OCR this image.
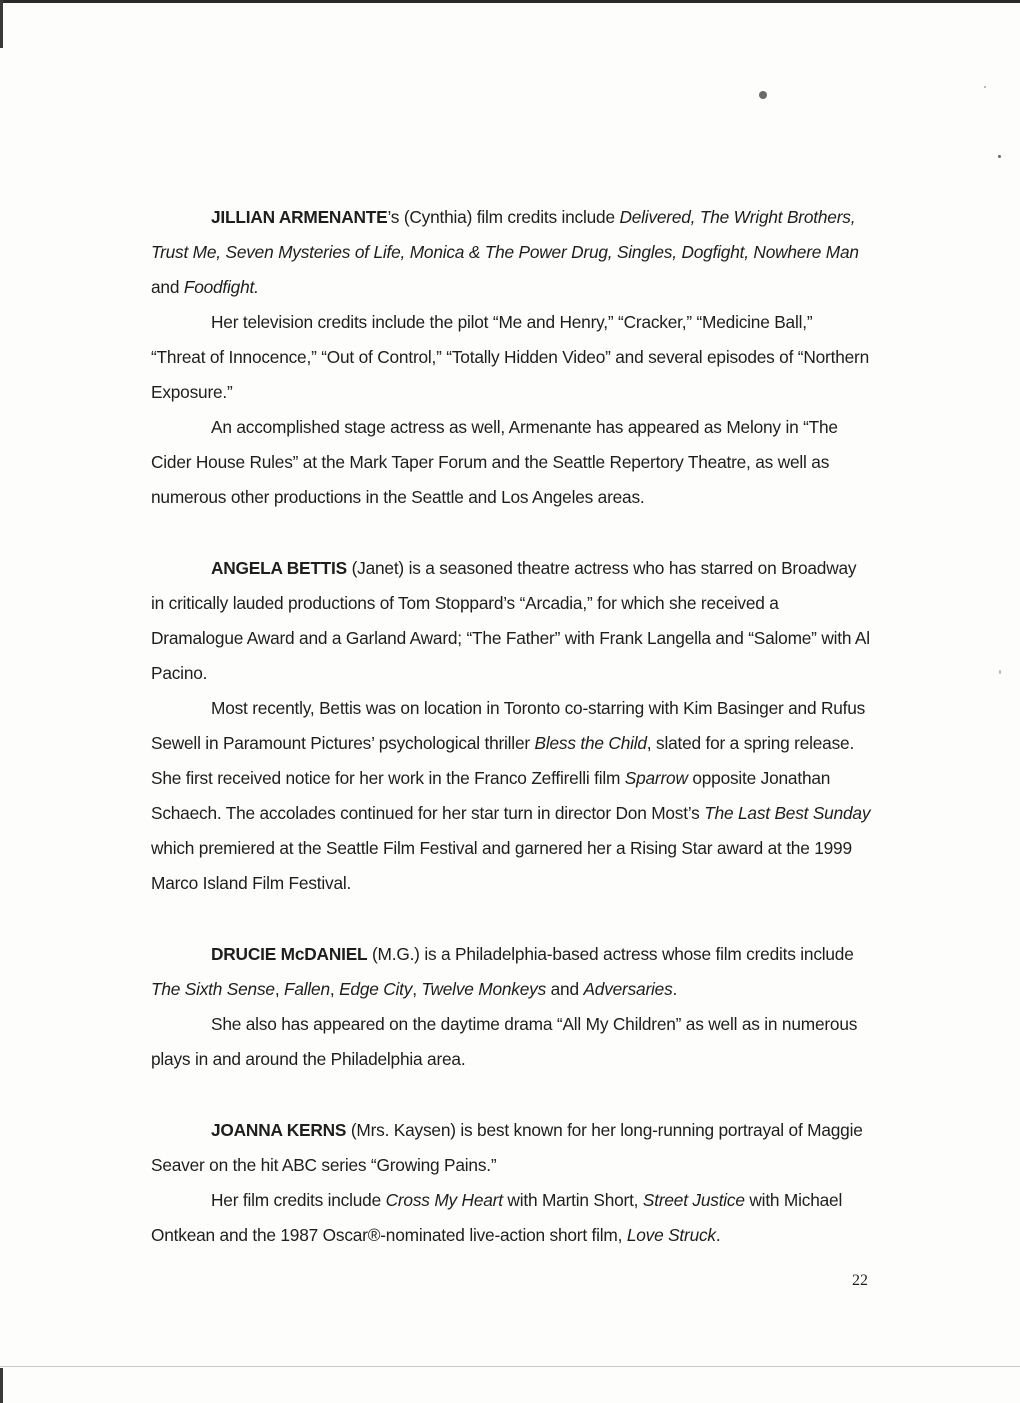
JILLIAN ARMENANTE’s (Cynthia) film credits include Delivered, The Wright Brothers, Trust Me, Seven Mysteries of Life, Monica & The Power Drug, Singles, Dogfight, Nowhere Man and Foodfight.

Her television credits include the pilot “Me and Henry,” “Cracker,” “Medicine Ball,” “Threat of Innocence,” “Out of Control,” “Totally Hidden Video” and several episodes of “Northern Exposure.”

An accomplished stage actress as well, Armenante has appeared as Melony in “The Cider House Rules” at the Mark Taper Forum and the Seattle Repertory Theatre, as well as numerous other productions in the Seattle and Los Angeles areas.

ANGELA BETTIS (Janet) is a seasoned theatre actress who has starred on Broadway in critically lauded productions of Tom Stoppard’s “Arcadia,” for which she received a Dramalogue Award and a Garland Award; “The Father” with Frank Langella and “Salome” with Al Pacino.

Most recently, Bettis was on location in Toronto co-starring with Kim Basinger and Rufus Sewell in Paramount Pictures’ psychological thriller Bless the Child, slated for a spring release. She first received notice for her work in the Franco Zeffirelli film Sparrow opposite Jonathan Schaech. The accolades continued for her star turn in director Don Most’s The Last Best Sunday which premiered at the Seattle Film Festival and garnered her a Rising Star award at the 1999 Marco Island Film Festival.

DRUCIE McDANIEL (M.G.) is a Philadelphia-based actress whose film credits include The Sixth Sense, Fallen, Edge City, Twelve Monkeys and Adversaries.

She also has appeared on the daytime drama “All My Children” as well as in numerous plays in and around the Philadelphia area.

JOANNA KERNS (Mrs. Kaysen) is best known for her long-running portrayal of Maggie Seaver on the hit ABC series “Growing Pains.”

Her film credits include Cross My Heart with Martin Short, Street Justice with Michael Ontkean and the 1987 Oscar®-nominated live-action short film, Love Struck.

22
